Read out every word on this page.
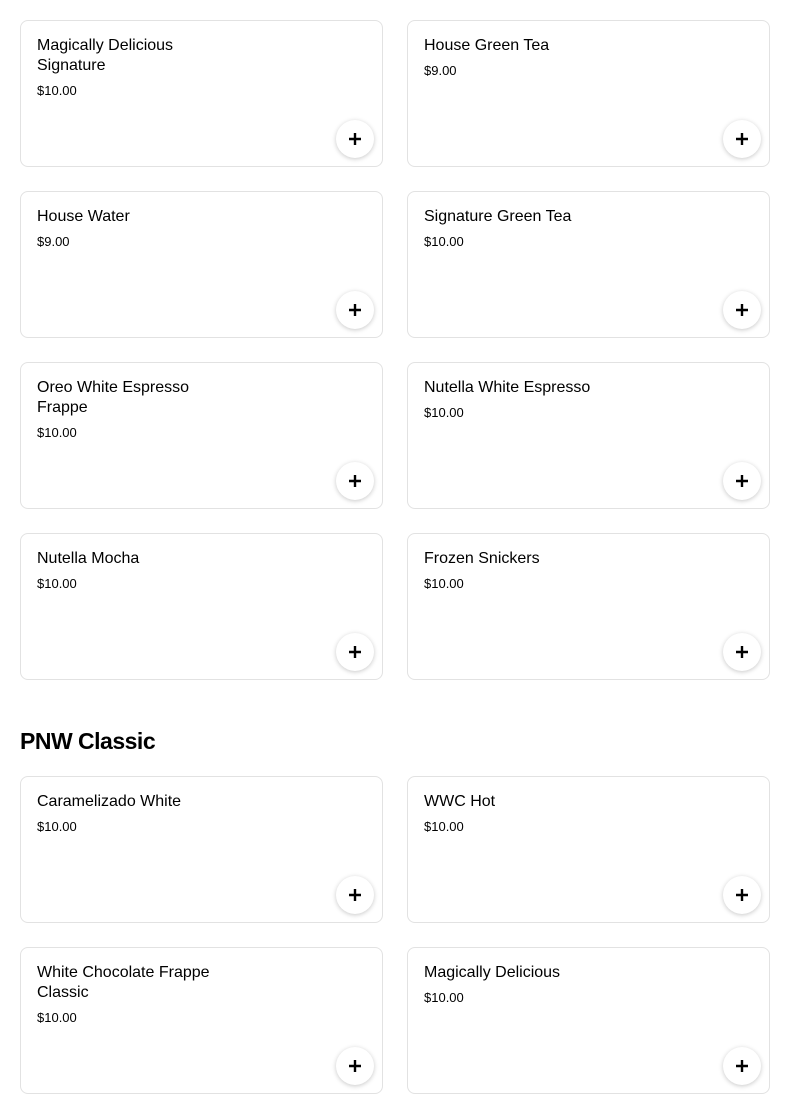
Magically Delicious Signature
$10.00
House Green Tea
$9.00
House Water
$9.00
Signature Green Tea
$10.00
Oreo White Espresso Frappe
$10.00
Nutella White Espresso
$10.00
Nutella Mocha
$10.00
Frozen Snickers
$10.00
PNW Classic
Caramelizado White
$10.00
WWC Hot
$10.00
White Chocolate Frappe Classic
$10.00
Magically Delicious
$10.00
